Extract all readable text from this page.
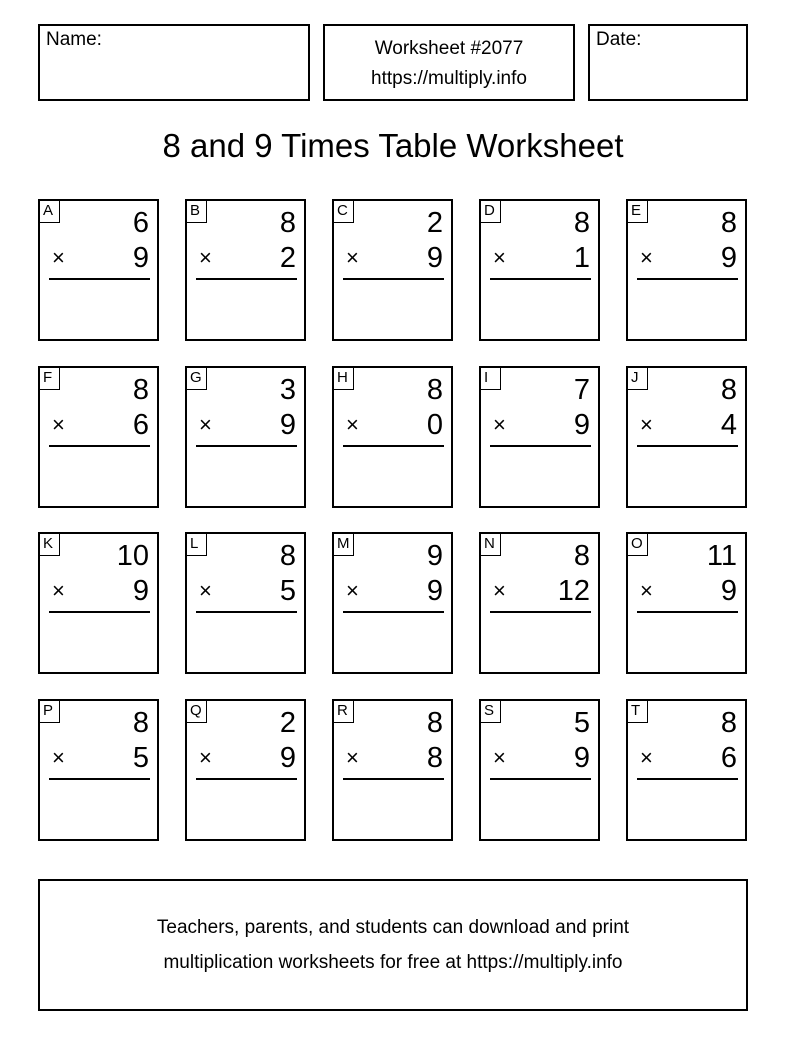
Name:	Worksheet #2077
https://multiply.info
Date:
8 and 9 Times Table Worksheet
A	6
× 9
B	8
× 2
C	2
× 9
D	8
× 1
E	8
× 9
F	8
× 6
G	3
× 9
H	8
× 0
I	7
× 9
J	8
× 4
K 10
× 9
L	8
× 5
M	9
× 9
N	8
× 12
O 11
× 9
P	8
× 5
Q	2
× 9
R	8
× 8
S	5
× 9
T	8
× 6
Teachers, parents, and students can download and print
multiplication worksheets for free at https://multiply.info
